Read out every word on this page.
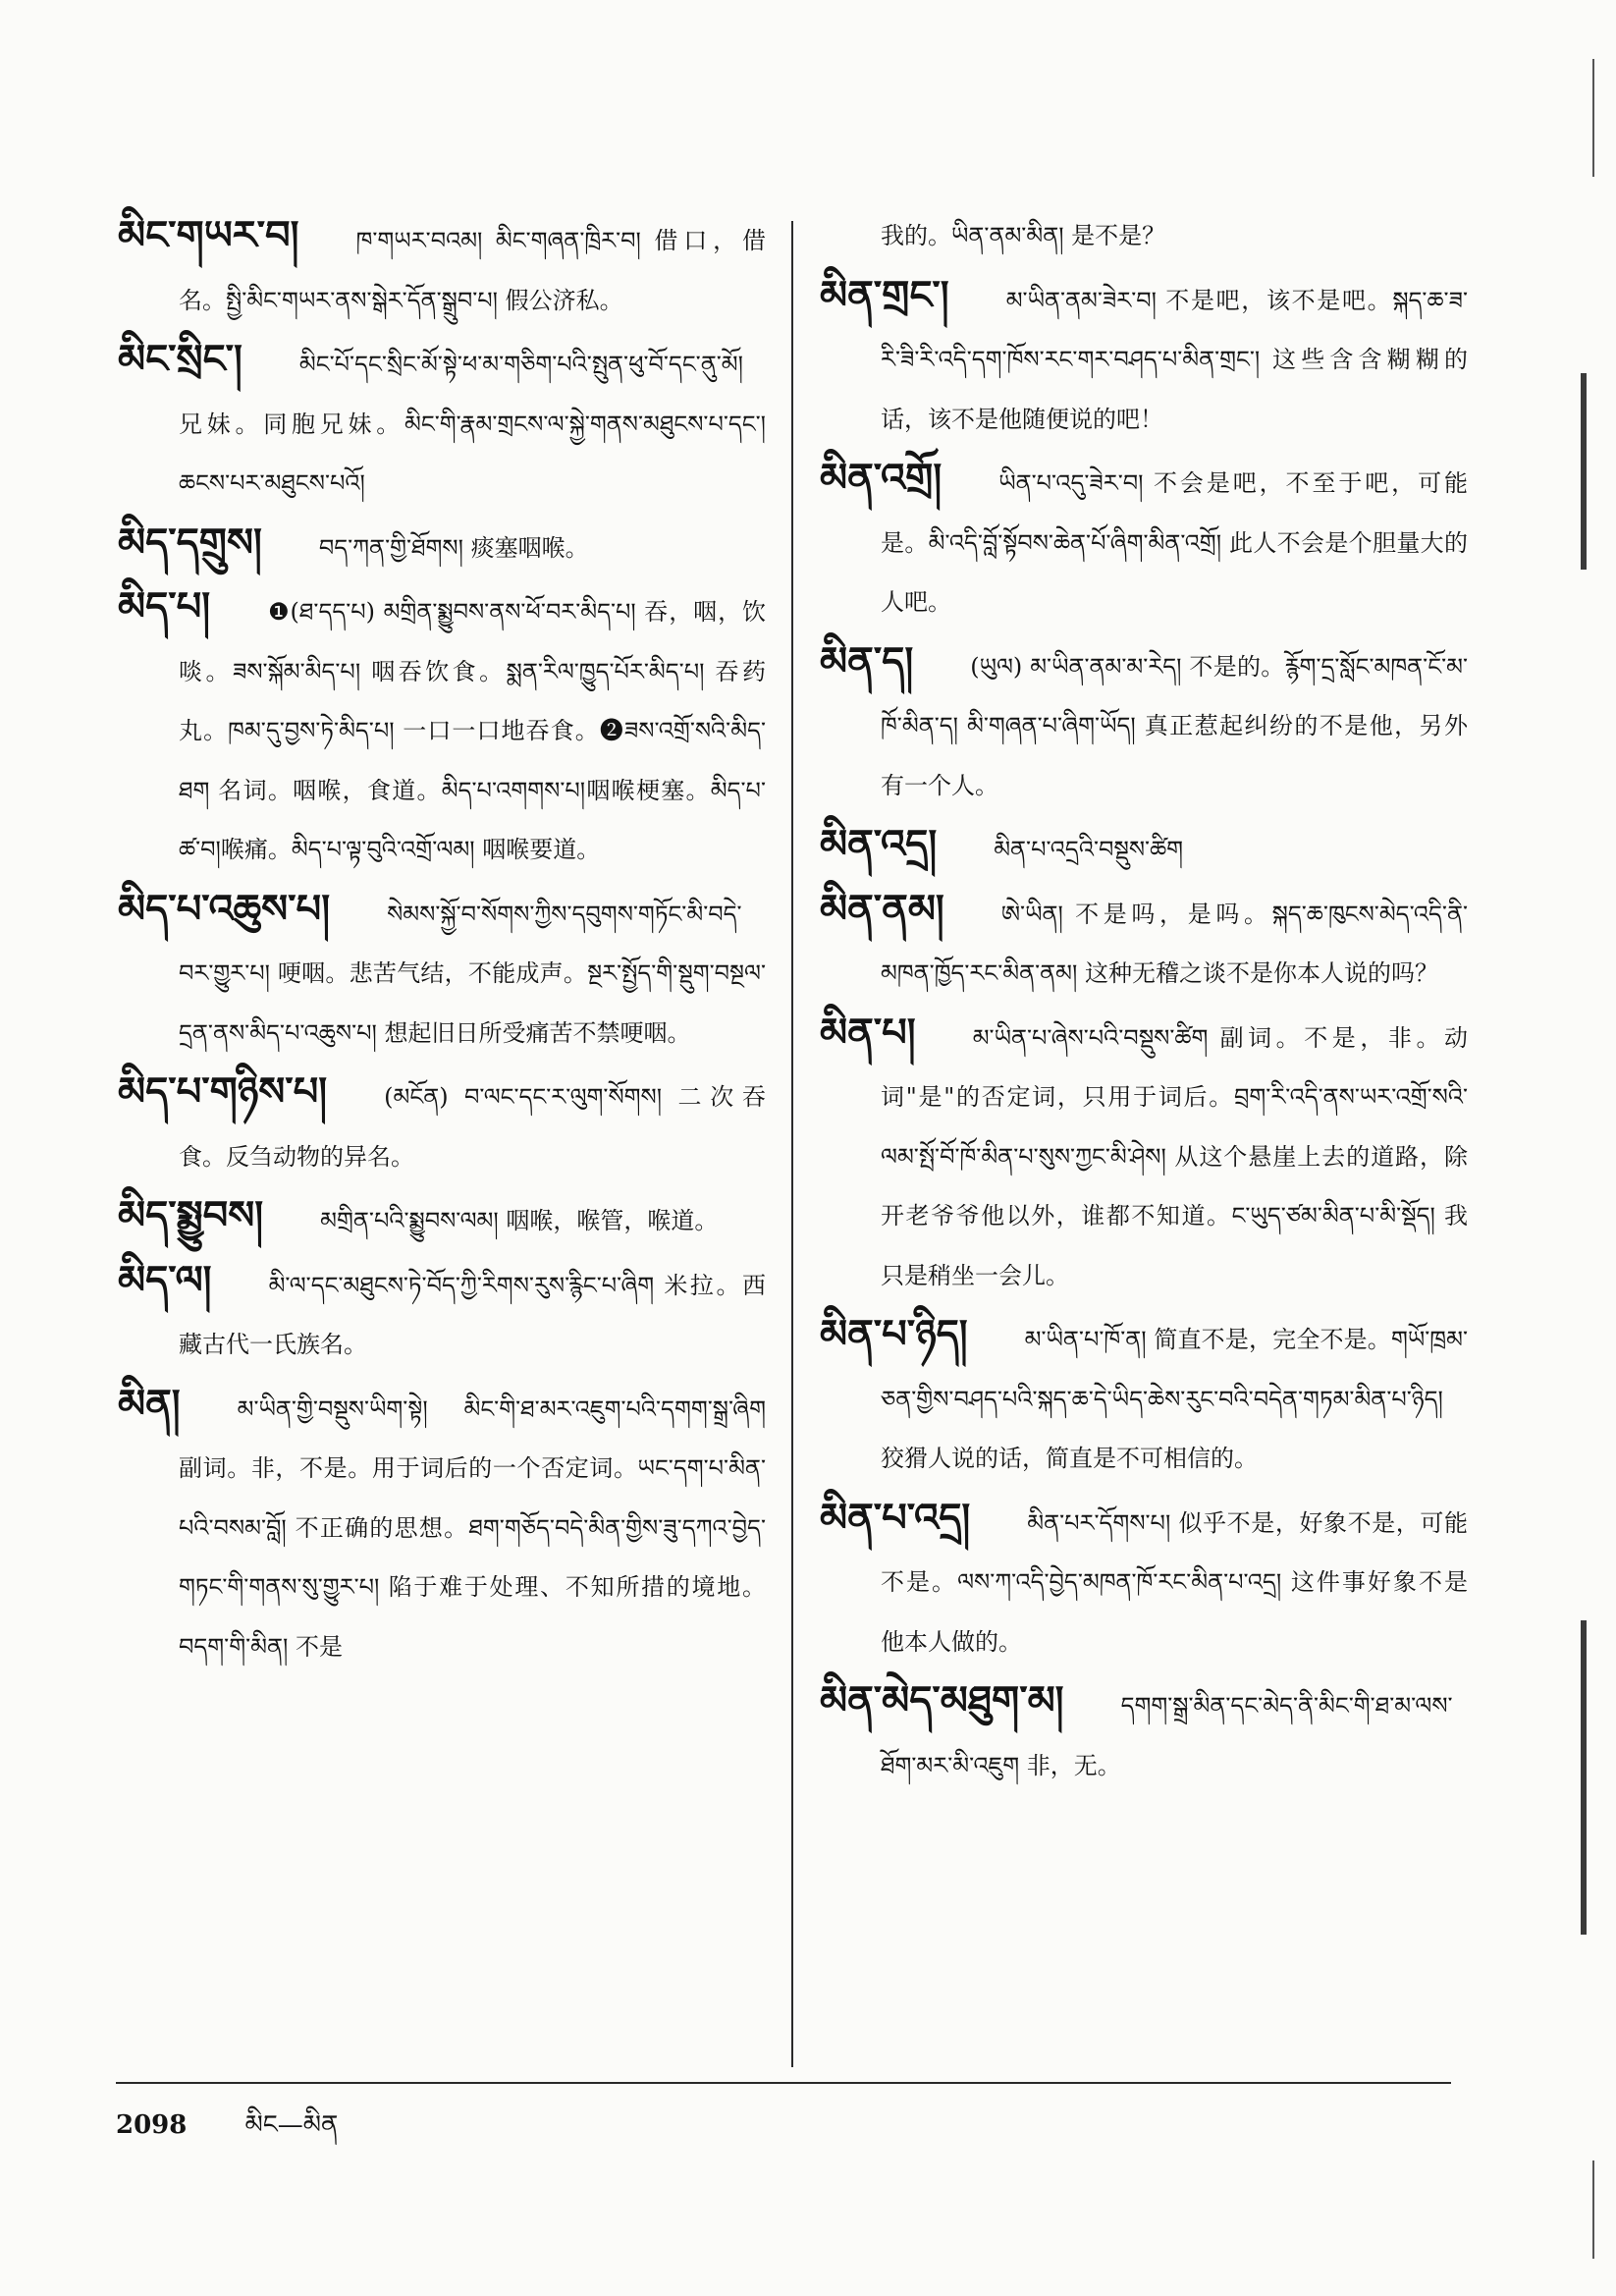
མིང་གཡར་བ། ཁ་གཡར་བའམ། མིང་གཞན་ཁྲིར་བ། 借口，借名。སྤྱི་མིང་གཡར་ནས་སྒེར་དོན་སྒྲུབ་པ། 假公济私。

མིང་སྲིང་། མིང་པོ་དང་སྲིང་མོ་སྟེ་ཕ་མ་གཅིག་པའི་སྤུན་ཕུ་བོ་དང་ནུ་མོ། 兄妹。同胞兄妹。མིང་གི་རྣམ་གྲངས་ལ་སྐྱེ་གནས་མཐུངས་པ་དང་། ཆངས་པར་མཐུངས་པའོ།

མིད་དགྲུས། བད་ཀན་གྱི་ཐོགས། 痰塞咽喉。

མིད་པ། ❶(ཐ་དད་པ) མགྲིན་སྨྱུབས་ནས་ཕོ་བར་མིད་པ། 吞，咽，饮啖。ཟས་སྐོམ་མིད་པ། 咽吞饮食。སྨན་རིལ་ཁྱུད་པོར་མིད་པ། 吞药丸。ཁམ་དུ་བྱས་ཏེ་མིད་པ། 一口一口地吞食。❷ཟས་འགྲོ་སའི་མིད་ཐག 名词。咽喉，食道。མིད་པ་འགགས་པ།咽喉梗塞。མིད་པ་ཚ་བ།喉痛。མིད་པ་ལྟ་བུའི་འགྲོ་ལམ། 咽喉要道。

མིད་པ་འཆུས་པ། སེམས་སྐྱོ་བ་སོགས་ཀྱིས་དབུགས་གཏོང་མི་བདེ་བར་གྱུར་པ། 哽咽。悲苦气结，不能成声。སྔར་སྤྱོད་གི་སྡུག་བསྔལ་དྲན་ནས་མིད་པ་འཆུས་པ། 想起旧日所受痛苦不禁哽咽。

མིད་པ་གཉིས་པ། (མངོན) བ་ལང་དང་ར་ལུག་སོགས། 二次吞食。反刍动物的异名。

མིད་སྨྱུབས། མགྲིན་པའི་སྨྱུབས་ལམ། 咽喉，喉管，喉道。

མིད་ལ། མི་ལ་དང་མཐུངས་ཏེ་བོད་ཀྱི་རིགས་རུས་རྙིང་པ་ཞིག 米拉。西藏古代一氏族名。

མིན། མ་ཡིན་གྱི་བསྡུས་ཡིག་སྟེ། མིང་གི་ཐ་མར་འཇུག་པའི་དགག་སྒྲ་ཞིག 副词。非，不是。用于词后的一个否定词。ཡང་དག་པ་མིན་པའི་བསམ་བློ། 不正确的思想。ཐག་གཅོད་བདེ་མིན་གྱིས་ཟུ་དཀའ་བྱེད་གཏང་གི་གནས་སུ་གྱུར་པ། 陷于难于处理、不知所措的境地。བདག་གི་མིན། 不是

我的。ཡིན་ནམ་མིན། 是不是？

མིན་གྲང་། མ་ཡིན་ནམ་ཟེར་བ། 不是吧，该不是吧。སྐད་ཆ་ཟ་རི་ཟི་རི་འདི་དག་ཁོས་རང་གར་བཤད་པ་མིན་གྲང་། 这些含含糊糊的话，该不是他随便说的吧！

མིན་འགྲོ། ཡིན་པ་འདུ་ཟེར་བ། 不会是吧，不至于吧，可能是。མི་འདི་བློ་སྟོབས་ཆེན་པོ་ཞིག་མིན་འགྲོ། 此人不会是个胆量大的人吧。

མིན་ད། (ཡུལ) མ་ཡིན་ནམ་མ་རེད། 不是的。རྙོག་དྲ་སློང་མཁན་ངོ་མ་ཁོ་མིན་ད། མི་གཞན་པ་ཞིག་ཡོད། 真正惹起纠纷的不是他，另外有一个人。

མིན་འདྲ། མིན་པ་འདྲའི་བསྡུས་ཚིག

མིན་ནམ། ཨེ་ཡིན། 不是吗，是吗。སྐད་ཆ་ཁུངས་མེད་འདི་ནི་མཁན་ཁྱོད་རང་མིན་ནམ། 这种无稽之谈不是你本人说的吗？

མིན་པ། མ་ཡིན་པ་ཞེས་པའི་བསྡུས་ཚིག 副词。不是，非。动词"是"的否定词，只用于词后。བྲག་རི་འདི་ནས་ཡར་འགྲོ་སའི་ལམ་སྤོ་བོ་ཁོ་མིན་པ་སུས་ཀྱང་མི་ཤེས། 从这个悬崖上去的道路，除开老爷爷他以外，谁都不知道。ང་ཡུད་ཙམ་མིན་པ་མི་སྡོད། 我只是稍坐一会儿。

མིན་པ་ཉིད། མ་ཡིན་པ་ཁོ་ན། 简直不是，完全不是。གཡོ་ཁྲམ་ཅན་གྱིས་བཤད་པའི་སྐད་ཆ་དེ་ཡིད་ཆེས་རུང་བའི་བདེན་གཏམ་མིན་པ་ཉིད། 狡猾人说的话，简直是不可相信的。

མིན་པ་འདྲ། མིན་པར་དོགས་པ། 似乎不是，好象不是，可能不是。ལས་ཀ་འདི་བྱེད་མཁན་ཁོ་རང་མིན་པ་འདྲ། 这件事好象不是他本人做的。

མིན་མེད་མཐུག་མ། དགག་སྒྲ་མིན་དང་མེད་ནི་མིང་གི་ཐ་མ་ལས་ཐོག་མར་མི་འཇུག 非，无。

2098 མིང—མིན
